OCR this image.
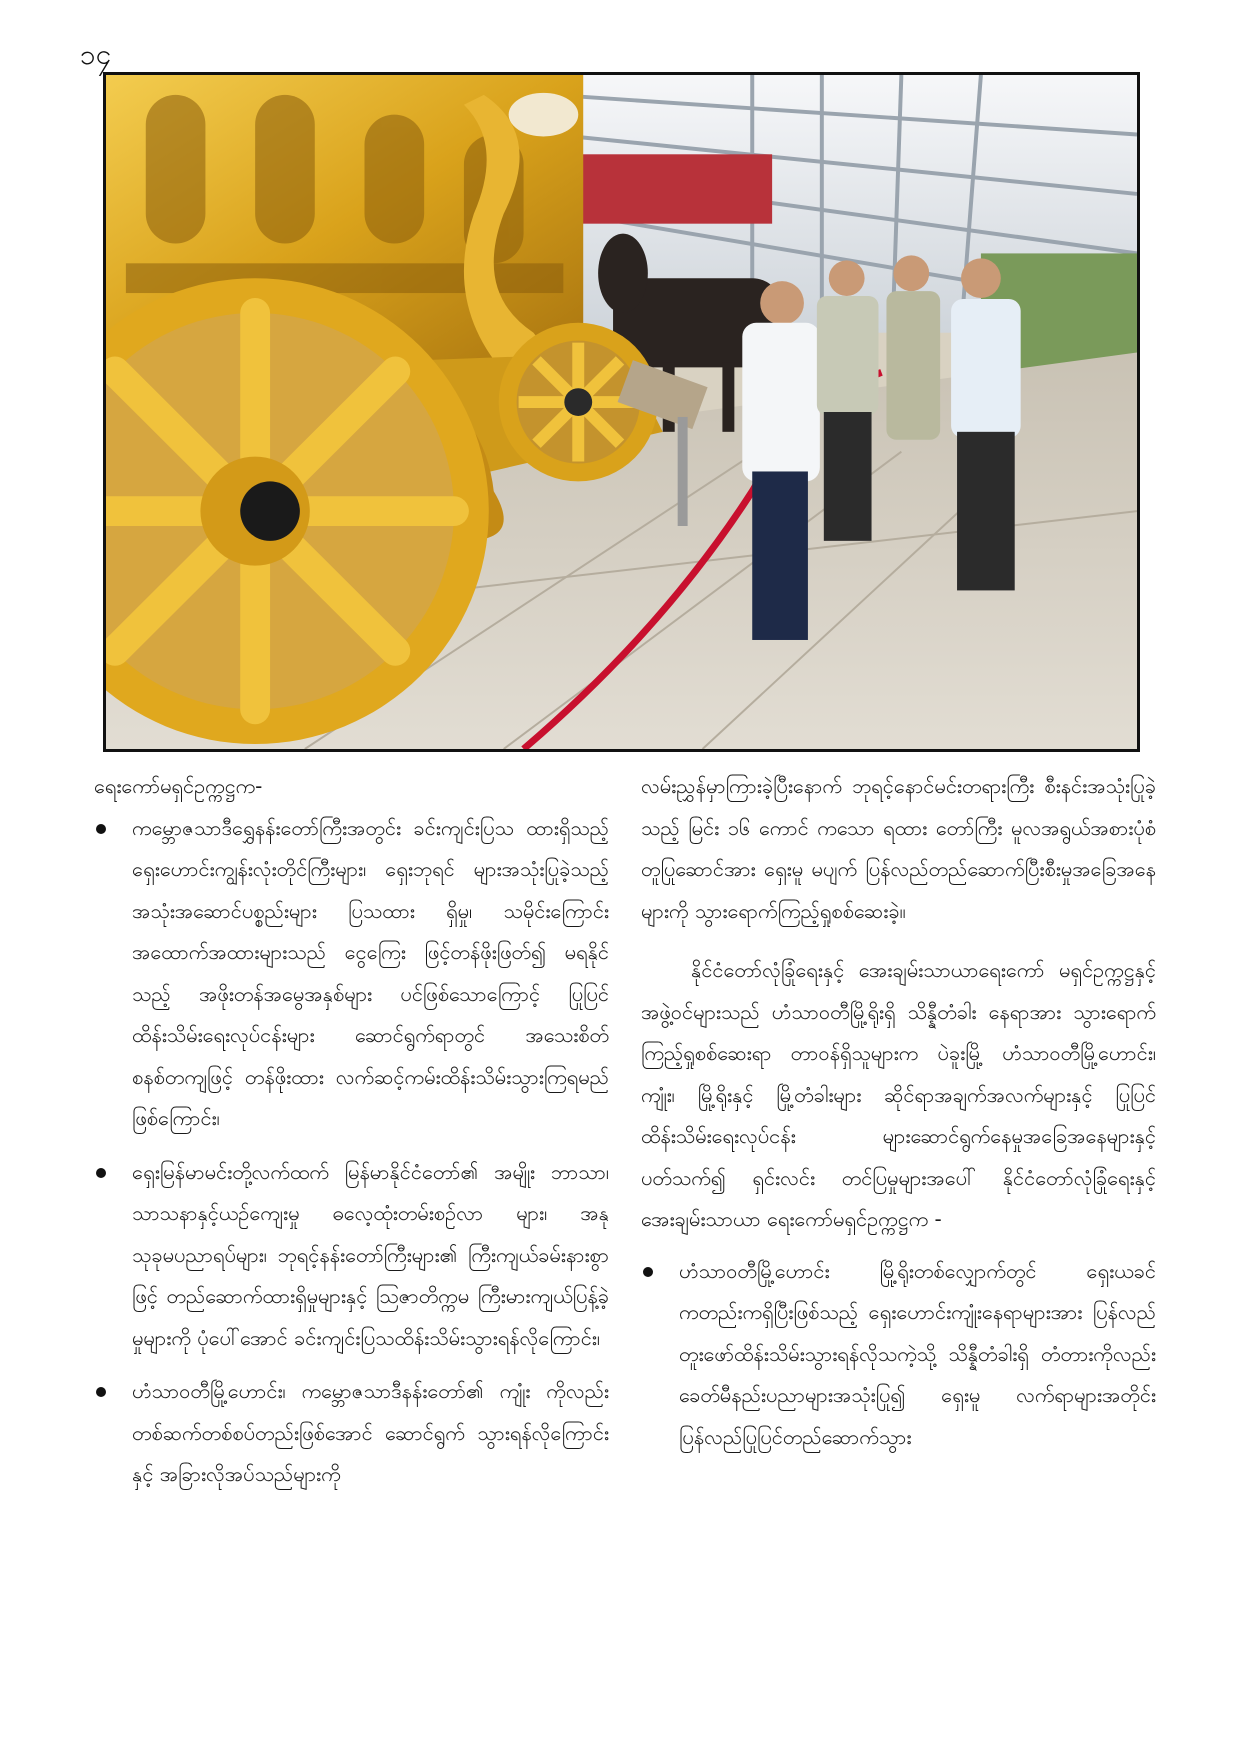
၁၄

ရေးကော်မရှင်ဥက္ကဋ္ဌက-

ကမ္ဘောဇသာဒီရွှေနန်းတော်ကြီးအတွင်း ခင်းကျင်းပြသ ထားရှိသည့် ရှေးဟောင်းကျွန်းလုံးတိုင်ကြီးများ၊ ရှေးဘုရင် များအသုံးပြုခဲ့သည့် အသုံးအဆောင်ပစ္စည်းများ ပြသထား ရှိမှု၊ သမိုင်းကြောင်းအထောက်အထားများသည် ငွေကြေး ဖြင့်တန်ဖိုးဖြတ်၍ မရနိုင်သည့် အဖိုးတန်အမွေအနှစ်များ ပင်ဖြစ်သောကြောင့် ပြုပြင်ထိန်းသိမ်းရေးလုပ်ငန်းများ ဆောင်ရွက်ရာတွင် အသေးစိတ်စနစ်တကျဖြင့် တန်ဖိုးထား လက်ဆင့်ကမ်းထိန်းသိမ်းသွားကြရမည်ဖြစ်ကြောင်း၊
ရှေးမြန်မာမင်းတို့လက်ထက် မြန်မာနိုင်ငံတော်၏ အမျိုး ဘာသာ၊ သာသနာနှင့်ယဉ်ကျေးမှု ဓလေ့ထုံးတမ်းစဉ်လာ များ၊ အနုသုခုမပညာရပ်များ၊ ဘုရင့်နန်းတော်ကြီးများ၏ ကြီးကျယ်ခမ်းနားစွာဖြင့် တည်ဆောက်ထားရှိမှုများနှင့် သြဇာတိက္ကမ ကြီးမားကျယ်ပြန့်ခဲ့မှုများကို ပုံပေါ်အောင် ခင်းကျင်းပြသထိန်းသိမ်းသွားရန်လိုကြောင်း၊
ဟံသာဝတီမြို့ဟောင်း၊ ကမ္ဘောဇသာဒီနန်းတော်၏ ကျုံး ကိုလည်း တစ်ဆက်တစ်စပ်တည်းဖြစ်အောင် ဆောင်ရွက် သွားရန်လိုကြောင်းနှင့် အခြားလိုအပ်သည်များကို

လမ်းညွှန်မှာကြားခဲ့ပြီးနောက် ဘုရင့်နောင်မင်းတရားကြီး စီးနင်းအသုံးပြုခဲ့သည့် မြင်း ၁၆ ကောင် ကသော ရထား တော်ကြီး မူလအရွယ်အစားပုံစံတူပြုဆောင်အား ရှေးမူ မပျက် ပြန်လည်တည်ဆောက်ပြီးစီးမှုအခြေအနေများကို သွားရောက်ကြည့်ရှုစစ်ဆေးခဲ့။

နိုင်ငံတော်လုံခြုံရေးနှင့် အေးချမ်းသာယာရေးကော် မရှင်ဥက္ကဋ္ဌနှင့်အဖွဲ့ဝင်များသည် ဟံသာဝတီမြို့ရိုးရှိ သိန္နီတံခါး နေရာအား သွားရောက်ကြည့်ရှုစစ်ဆေးရာ တာဝန်ရှိသူများက ပဲခူးမြို့ ဟံသာဝတီမြို့ဟောင်း၊ ကျုံး၊ မြို့ရိုးနှင့် မြို့တံခါးများ ဆိုင်ရာအချက်အလက်များနှင့် ပြုပြင်ထိန်းသိမ်းရေးလုပ်ငန်း များဆောင်ရွက်နေမှုအခြေအနေများနှင့်ပတ်သက်၍ ရှင်းလင်း တင်ပြမှုများအပေါ် နိုင်ငံတော်လုံခြုံရေးနှင့်အေးချမ်းသာယာ ရေးကော်မရှင်ဥက္ကဋ္ဌက -

ဟံသာဝတီမြို့ဟောင်း မြို့ရိုးတစ်လျှောက်တွင် ရှေးယခင် ကတည်းကရှိပြီးဖြစ်သည့် ရှေးဟောင်းကျုံးနေရာများအား ပြန်လည်တူးဖော်ထိန်းသိမ်းသွားရန်လိုသကဲ့သို့ သိန္နီတံခါးရှိ တံတားကိုလည်း ခေတ်မီနည်းပညာများအသုံးပြု၍ ရှေးမူ လက်ရာများအတိုင်း ပြန်လည်ပြုပြင်တည်ဆောက်သွား
